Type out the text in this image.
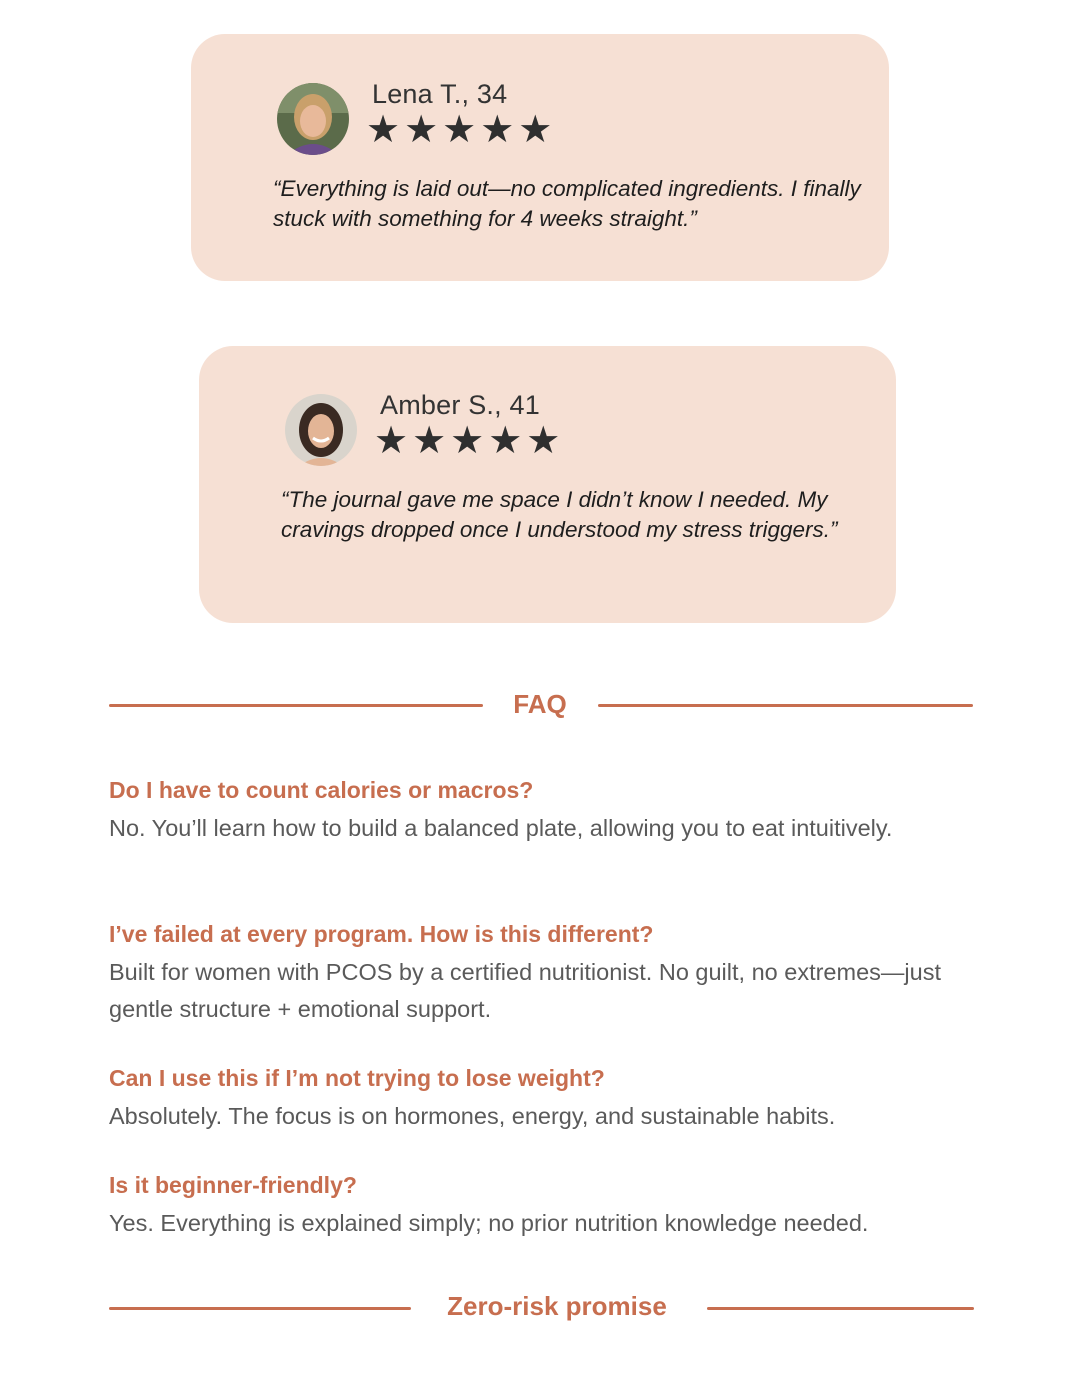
Lena T., 34
★★★★★
“Everything is laid out—no complicated ingredients. I finally stuck with something for 4 weeks straight.”
Amber S., 41
★★★★★
“The journal gave me space I didn’t know I needed. My cravings dropped once I understood my stress triggers.”
FAQ
Do I have to count calories or macros?
No. You’ll learn how to build a balanced plate, allowing you to eat intuitively.
I’ve failed at every program. How is this different?
Built for women with PCOS by a certified nutritionist. No guilt, no extremes—just gentle structure + emotional support.
Can I use this if I’m not trying to lose weight?
Absolutely. The focus is on hormones, energy, and sustainable habits.
Is it beginner-friendly?
Yes. Everything is explained simply; no prior nutrition knowledge needed.
Zero-risk promise
